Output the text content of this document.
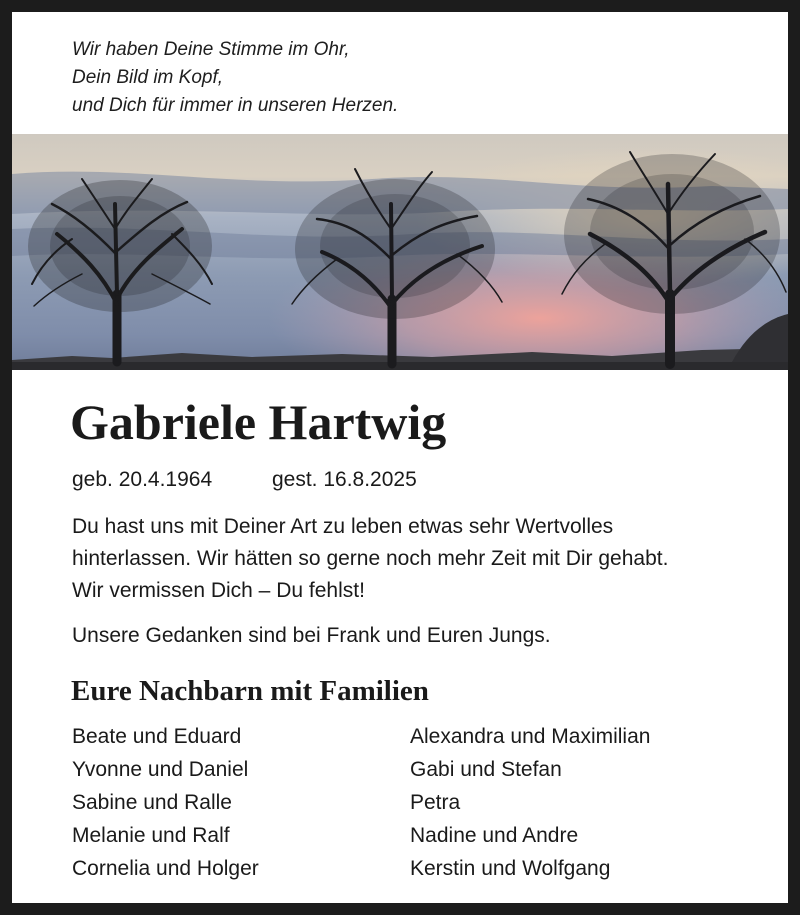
Wir haben Deine Stimme im Ohr,
Dein Bild im Kopf,
und Dich für immer in unseren Herzen.
Gabriele Hartwig
geb. 20.4.1964	gest. 16.8.2025
Du hast uns mit Deiner Art zu leben etwas sehr Wertvolles
hinterlassen. Wir hätten so gerne noch mehr Zeit mit Dir gehabt.
Wir vermissen Dich – Du fehlst!
Unsere Gedanken sind bei Frank und Euren Jungs.
Eure Nachbarn mit Familien
Beate und Eduard
Yvonne und Daniel
Sabine und Ralle
Melanie und Ralf
Cornelia und Holger
Alexandra und Maximilian
Gabi und Stefan
Petra
Nadine und Andre
Kerstin und Wolfgang
